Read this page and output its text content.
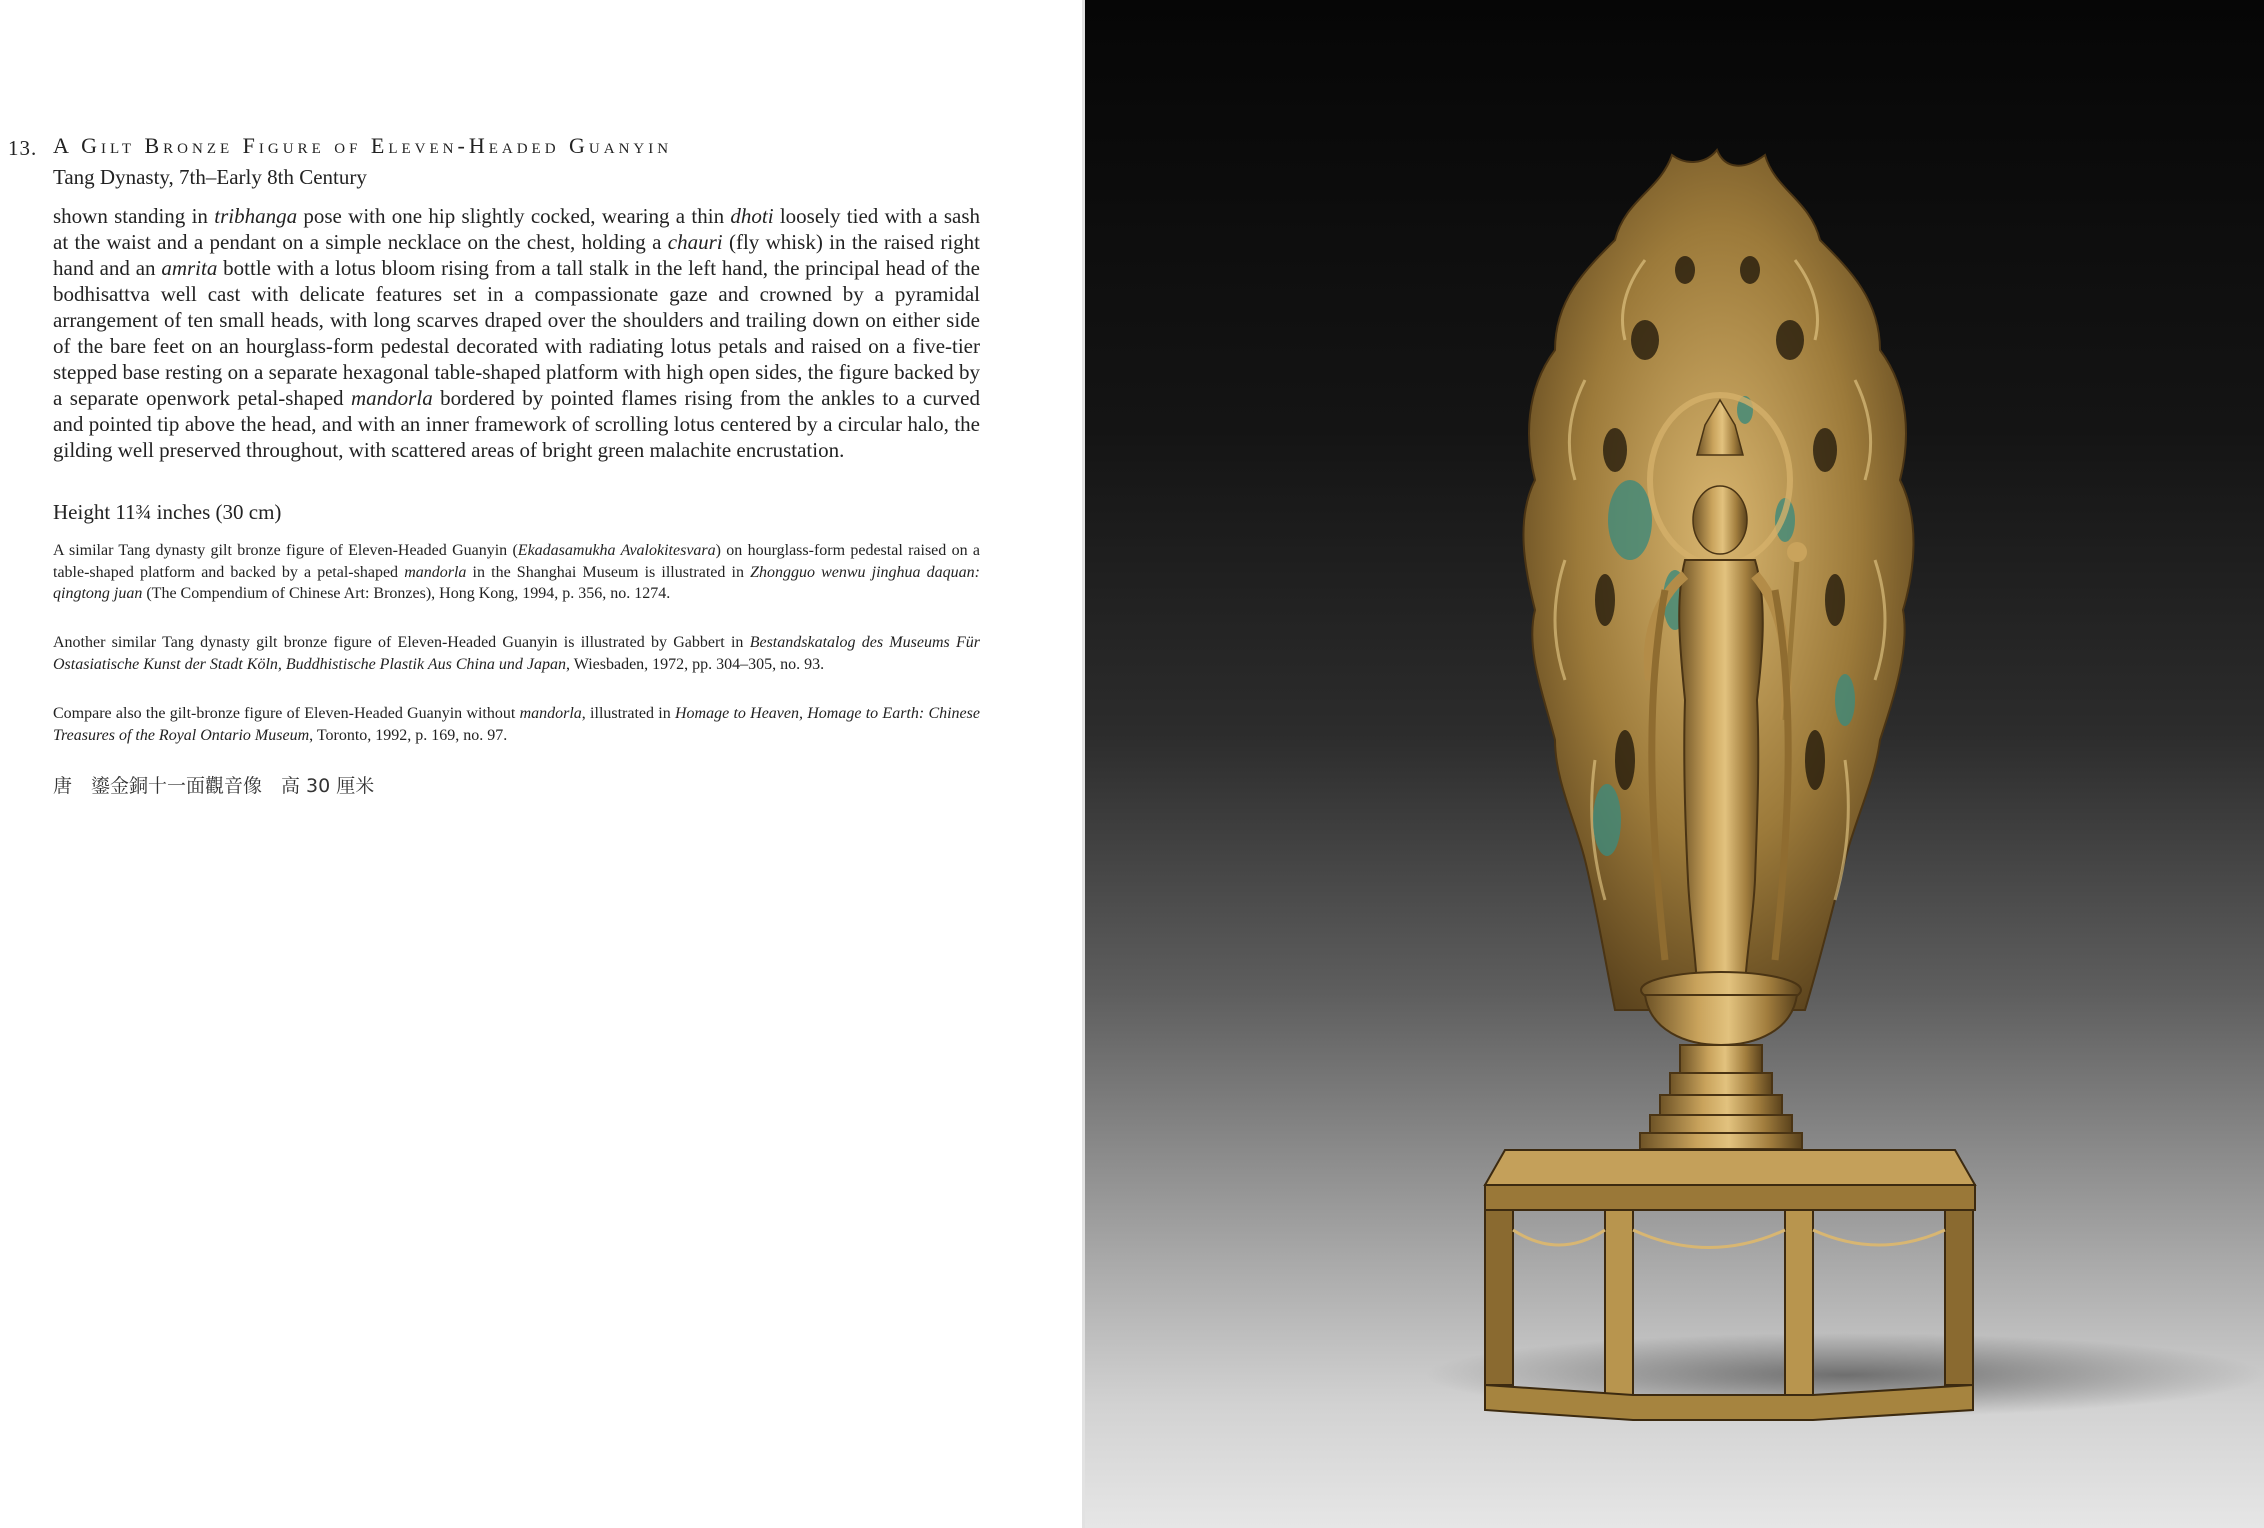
13. A Gilt Bronze Figure of Eleven-Headed Guanyin
Tang Dynasty, 7th–Early 8th Century

shown standing in tribhanga pose with one hip slightly cocked, wearing a thin dhoti loosely tied with a sash at the waist and a pendant on a simple necklace on the chest, holding a chauri (fly whisk) in the raised right hand and an amrita bottle with a lotus bloom rising from a tall stalk in the left hand, the principal head of the bodhisattva well cast with delicate features set in a compassionate gaze and crowned by a pyramidal arrangement of ten small heads, with long scarves draped over the shoulders and trailing down on either side of the bare feet on an hourglass-form pedestal decorated with radiating lotus petals and raised on a five-tier stepped base resting on a separate hexagonal table-shaped platform with high open sides, the figure backed by a separate openwork petal-shaped mandorla bordered by pointed flames rising from the ankles to a curved and pointed tip above the head, and with an inner framework of scrolling lotus centered by a circular halo, the gilding well preserved throughout, with scattered areas of bright green malachite encrustation.

Height 11¾ inches (30 cm)

A similar Tang dynasty gilt bronze figure of Eleven-Headed Guanyin (Ekadasamukha Avalokitesvara) on hourglass-form pedestal raised on a table-shaped platform and backed by a petal-shaped mandorla in the Shanghai Museum is illustrated in Zhongguo wenwu jinghua daquan: qingtong juan (The Compendium of Chinese Art: Bronzes), Hong Kong, 1994, p. 356, no. 1274.

Another similar Tang dynasty gilt bronze figure of Eleven-Headed Guanyin is illustrated by Gabbert in Bestandskatalog des Museums Für Ostasiatische Kunst der Stadt Köln, Buddhistische Plastik Aus China und Japan, Wiesbaden, 1972, pp. 304–305, no. 93.

Compare also the gilt-bronze figure of Eleven-Headed Guanyin without mandorla, illustrated in Homage to Heaven, Homage to Earth: Chinese Treasures of the Royal Ontario Museum, Toronto, 1992, p. 169, no. 97.

唐　鎏金銅十一面觀音像　高 30 厘米
